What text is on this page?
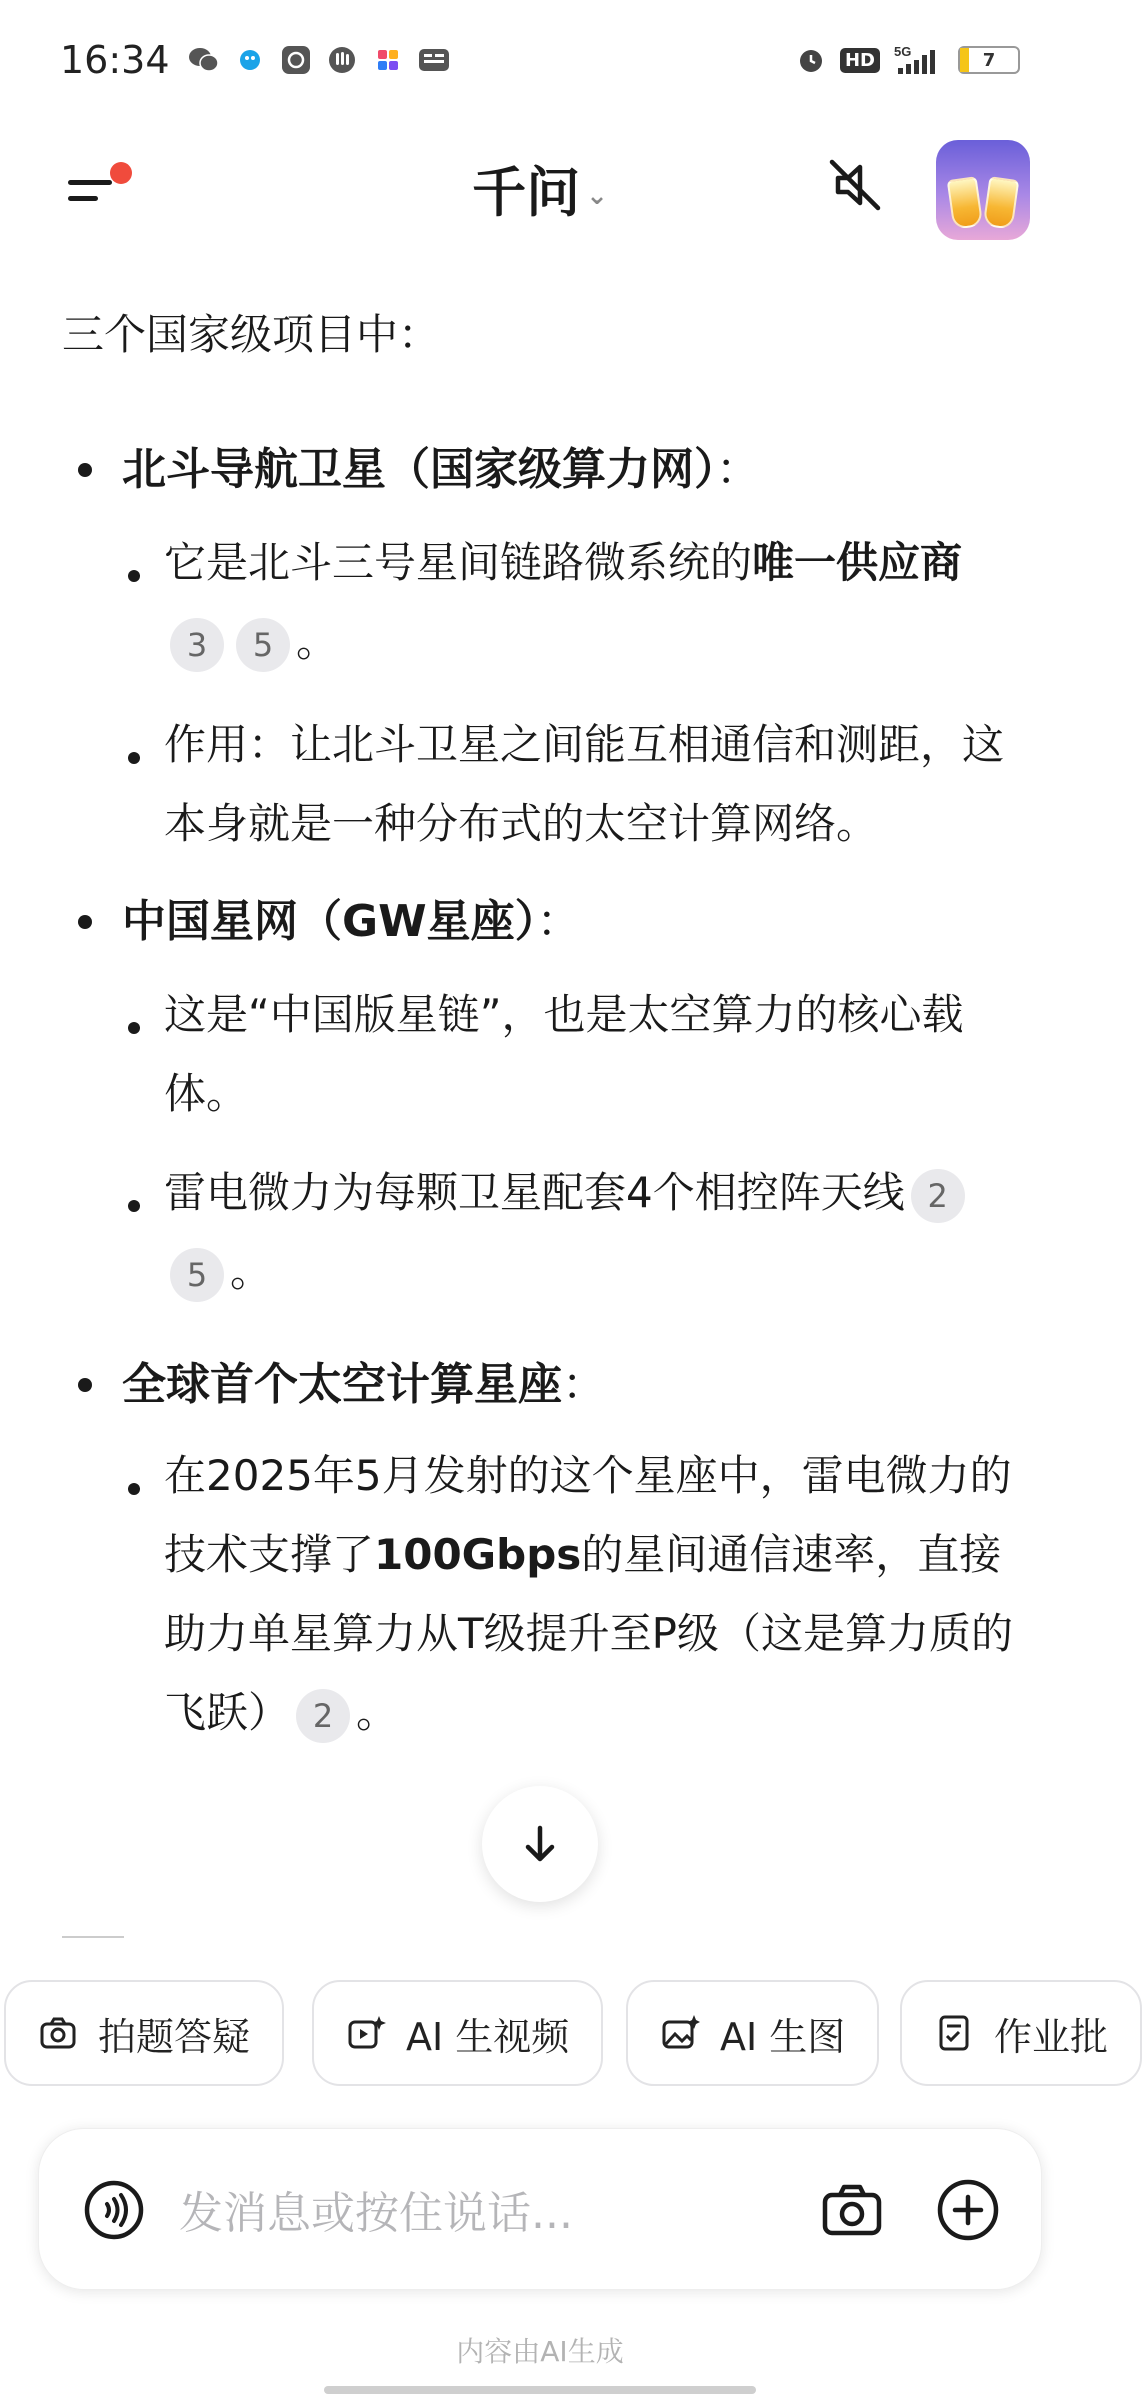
16:34	HD	5G	7
千问 ⌄
三个国家级项目中：
北斗导航卫星（国家级算力网）：
它是北斗三号星间链路微系统的唯一供应商3 5 。
作用：让北斗卫星之间能互相通信和测距，这本身就是一种分布式的太空计算网络。
中国星网（GW星座）：
这是“中国版星链”，也是太空算力的核心载体。
雷电微力为每颗卫星配套4个相控阵天线 25 。
全球首个太空计算星座：
在2025年5月发射的这个星座中，雷电微力的技术支撑了100Gbps的星间通信速率，直接助力单星算力从T级提升至P级（这是算力质的飞跃） 2 。
拍题答疑	AI 生视频	AI 生图	作业批
发消息或按住说话...
内容由AI生成
